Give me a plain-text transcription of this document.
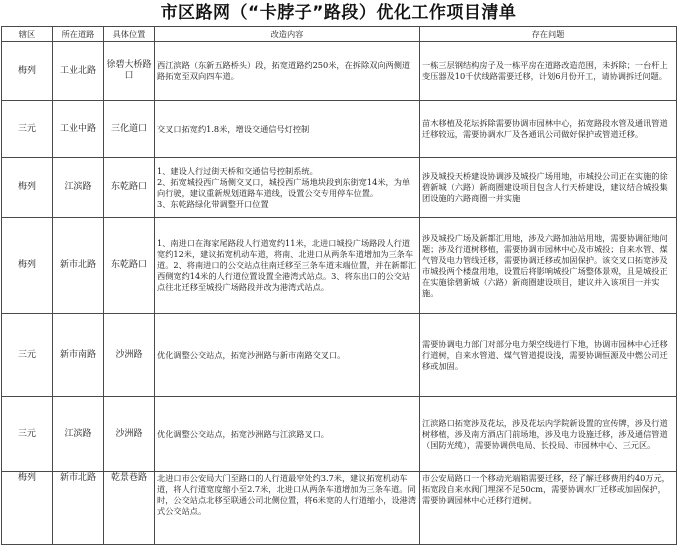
市区路网（“卡脖子”路段）优化工作项目清单
辖区	所在道路	具体位置	改造内容	存在问题
梅列	工业北路	徐碧大桥路口	西江滨路（东新五路桥头）段，拓宽道路约250米，在拆除双向两侧道路拓宽至双向四车道。	一栋三层钢结构房子及一栋平房在道路改造范围，未拆除；一台杆上变压器及10千伏线路需要迁移，计划6月份开工，请协调拆迁问题。
三元	工业中路	三化道口	交叉口拓宽约1.8米，增设交通信号灯控制	苗木移植及花坛拆除需要协调市园林中心，拓宽路段水管及通讯管道迁移较远，需要协调水厂及各通讯公司做好保护或管道迁移。
梅列	江滨路	东乾路口	1、建设人行过街天桥和交通信号控制系统。
2、拓宽城投西广场侧交叉口，城投西广场地块段到东街宽14米，为单向行驶，建议重新规划道路车道线，设置公交专用停车位置。
3、东乾路绿化带调整开口位置	涉及城投天桥建设协调涉及城投广场用地，市城投公司正在实施的徐碧新城（六路）新商圈建设项目包含人行天桥建设，建议结合城投集团设施的六路商圈一并实施
梅列	新市北路	东乾路口	1、南进口在海家尾路段人行道宽约11米，北进口城投广场路段人行道宽约12米，建议拓宽机动车道，将南、北进口从两条车道增加为三条车道。2、将南进口的公交站点往南迁移至三条车道末端位置，并在新都汇西侧宽约14米的人行道位置设置全港湾式站点。3、将东出口的公交站点往北迁移至城投广场路段并改为港湾式站点。	涉及城投广场及新都汇用地，涉及六路加油站用地，需要协调征地问题；涉及行道树移植，需要协调市园林中心及市城投；自来水管、煤气管及电力管线迁移，需要协调迁移或加固保护。该交叉口拓宽涉及市城投两个楼盘用地，设置后将影响城投广场整体景观，且是城投正在实施徐碧新城（六路）新商圈建设项目，建议并入该项目一并实施。
三元	新市南路	沙洲路	优化调整公交站点，拓宽沙洲路与新市南路交叉口。	需要协调电力部门对部分电力架空线进行下地，协调市园林中心迁移行道树，自来水管道、煤气管道提设浅，需要协调恒源及中燃公司迁移或加固。
三元	江滨路	沙洲路	优化调整公交站点，拓宽沙洲路与江滨路叉口。	江滨路口拓宽涉及花坛，涉及花坛内学院新设置的宣传牌，涉及行道树移植，涉及南方酒店门前场地，涉及电力设施迁移，涉及通信管道（国防光缆），需要协调供电局、长投局、市园林中心、三元区。
梅列	新市北路	乾景巷路	北进口市公安局大门至路口的人行道最窄处约3.7米，建议拓宽机动车道，将人行道宽度缩小至2.7米，北进口从两条车道增加为三条车道。同时，公交站点北移至联通公司北侧位置，将6米宽的人行道缩小，设港湾式公交站点。	市公安局路口一个移动光端箱需要迁移，经了解迁移费用约40万元，拓宽段自来水阀门埋深不足50cm，需要协调水厂迁移或加固保护，需要协调园林中心迁移行道树。
